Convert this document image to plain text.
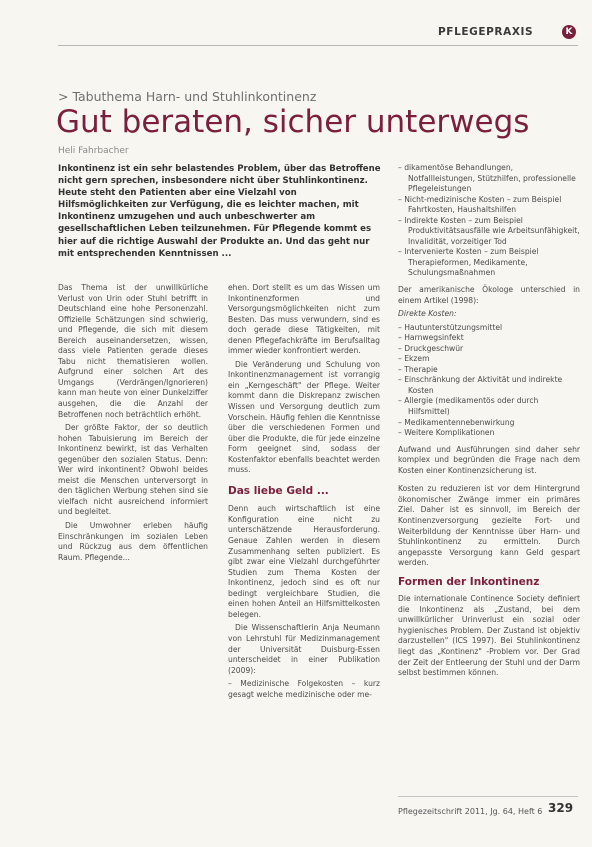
PFLEGEPRAXIS	K
> Tabuthema Harn- und Stuhlinkontinenz
Gut beraten, sicher unterwegs
Heli Fahrbacher
Inkontinenz ist ein sehr belastendes Problem, über das Betroffene nicht gern sprechen, insbesondere nicht über Stuhlinkontinenz. Heute steht den Patienten aber eine Vielzahl von Hilfsmöglichkeiten zur Verfügung, die es leichter machen, mit Inkontinenz umzugehen und auch unbeschwerter am gesellschaftlichen Leben teilzunehmen. Für Pflegende kommt es hier auf die richtige Auswahl der Produkte an. Und das geht nur mit entsprechenden Kenntnissen ...

Das Thema ist der unwillkürliche Verlust von Urin oder Stuhl betrifft in Deutschland eine hohe Personenzahl. Offizielle Schätzungen sind schwierig, und Pflegende, die sich mit diesem Bereich auseinandersetzen, wissen, dass viele Patienten gerade dieses Tabu nicht thematisieren wollen. Aufgrund einer solchen Art des Umgangs (Verdrängen/Ignorieren) kann man heute von einer Dunkelziffer ausgehen, die die Anzahl der Betroffenen noch beträchtlich erhöht.

Der größte Faktor, der so deutlich hohen Tabuisierung im Bereich der Inkontinenz bewirkt, ist das Verhalten gegenüber den sozialen Status. Denn: Wer wird inkontinent? Obwohl beides meist die Menschen unterversorgt in den täglichen Werbung stehen sind sie vielfach nicht ausreichend informiert und begleitet.

Die Umwohner erleben häufig Einschränkungen im sozialen Leben und Rückzug aus dem öffentlichen Raum. Pflegende...

ehen. Dort stellt es um das Wissen um Inkontinenzformen und Versorgungsmöglichkeiten nicht zum Besten. Das muss verwundern, sind es doch gerade diese Tätigkeiten, mit denen Pflegefachkräfte im Berufsalltag immer wieder konfrontiert werden.

Die Veränderung und Schulung von Inkontinenzmanagement ist vorrangig ein „Kerngeschäft" der Pflege. Weiter kommt dann die Diskrepanz zwischen Wissen und Versorgung deutlich zum Vorschein. Häufig fehlen die Kenntnisse über die verschiedenen Formen und über die Produkte, die für jede einzelne Form geeignet sind, sodass der Kostenfaktor ebenfalls beachtet werden muss.

Das liebe Geld ...

Denn auch wirtschaftlich ist eine Konfiguration eine nicht zu unterschätzende Herausforderung. Genaue Zahlen werden in diesem Zusammenhang selten publiziert. Es gibt zwar eine Vielzahl durchgeführter Studien zum Thema Kosten der Inkontinenz, jedoch sind es oft nur bedingt vergleichbare Studien, die einen hohen Anteil an Hilfsmittelkosten belegen.

Die Wissenschaftlerin Anja Neumann von Lehrstuhl für Medizinmanagement der Universität Duisburg-Essen unterscheidet in einer Publikation (2009):

– Medizinische Folgekosten – kurz gesagt welche medizinische oder me-

– dikamentöse Behandlungen, Notfallleistungen, Stützhilfen, professionelle Pflegeleistungen
– Nicht-medizinische Kosten – zum Beispiel Fahrtkosten, Haushaltshilfen
– Indirekte Kosten – zum Beispiel Produktivitätsausfälle wie Arbeitsunfähigkeit, Invalidität, vorzeitiger Tod
– Intervenierte Kosten – zum Beispiel Therapieformen, Medikamente, Schulungsmaßnahmen

Der amerikanische Ökologe unterschied in einem Artikel (1998):

Direkte Kosten:

– Hautunterstützungsmittel
– Harnwegsinfekt
– Druckgeschwür
– Ekzem
– Therapie
– Einschränkung der Aktivität und indirekte Kosten
– Allergie (medikamentös oder durch Hilfsmittel)
– Medikamentennebenwirkung
– Weitere Komplikationen

Aufwand und Ausführungen sind daher sehr komplex und begründen die Frage nach dem Kosten einer Kontinenzsicherung ist.

Kosten zu reduzieren ist vor dem Hintergrund ökonomischer Zwänge immer ein primäres Ziel. Daher ist es sinnvoll, im Bereich der Kontinenzversorgung gezielte Fort- und Weiterbildung der Kenntnisse über Harn- und Stuhlinkontinenz zu ermitteln. Durch angepasste Versorgung kann Geld gespart werden.

Formen der Inkontinenz

Die internationale Continence Society definiert die Inkontinenz als „Zustand, bei dem unwillkürlicher Urinverlust ein sozial oder hygienisches Problem. Der Zustand ist objektiv darzustellen" (ICS 1997). Bei Stuhlinkontinenz liegt das „Kontinenz" -Problem vor. Der Grad der Zeit der Entleerung der Stuhl und der Darm selbst bestimmen können.

Pflegezeitschrift 2011, Jg. 64, Heft 6 329
